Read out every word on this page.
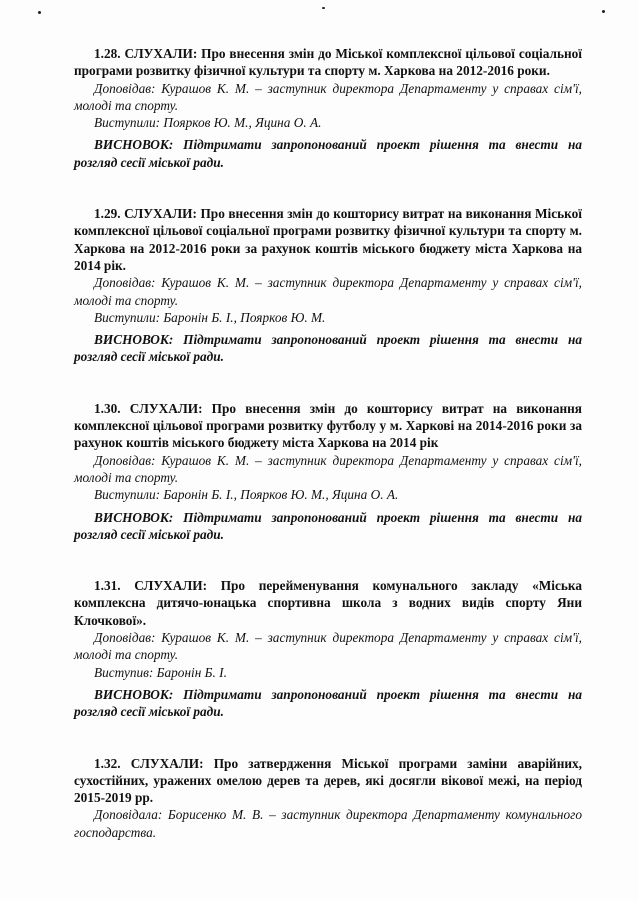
1.28. СЛУХАЛИ: Про внесення змін до Міської комплексної цільової соціальної програми розвитку фізичної культури та спорту м. Харкова на 2012-2016 роки.

Доповідав: Курашов К. М. – заступник директора Департаменту у справах сім'ї, молоді та спорту.

Виступили: Поярков Ю. М., Яцина О. А.

ВИСНОВОК: Підтримати запропонований проект рішення та внести на розгляд сесії міської ради.

1.29. СЛУХАЛИ: Про внесення змін до кошторису витрат на виконання Міської комплексної цільової соціальної програми розвитку фізичної культури та спорту м. Харкова на 2012-2016 роки за рахунок коштів міського бюджету міста Харкова на 2014 рік.

Доповідав: Курашов К. М. – заступник директора Департаменту у справах сім'ї, молоді та спорту.

Виступили: Баронін Б. І., Поярков Ю. М.

ВИСНОВОК: Підтримати запропонований проект рішення та внести на розгляд сесії міської ради.

1.30. СЛУХАЛИ: Про внесення змін до кошторису витрат на виконання комплексної цільової програми розвитку футболу у м. Харкові на 2014-2016 роки за рахунок коштів міського бюджету міста Харкова на 2014 рік

Доповідав: Курашов К. М. – заступник директора Департаменту у справах сім'ї, молоді та спорту.

Виступили: Баронін Б. І., Поярков Ю. М., Яцина О. А.

ВИСНОВОК: Підтримати запропонований проект рішення та внести на розгляд сесії міської ради.

1.31. СЛУХАЛИ: Про перейменування комунального закладу «Міська комплексна дитячо-юнацька спортивна школа з водних видів спорту Яни Клочкової».

Доповідав: Курашов К. М. – заступник директора Департаменту у справах сім'ї, молоді та спорту.

Виступив: Баронін Б. І.

ВИСНОВОК: Підтримати запропонований проект рішення та внести на розгляд сесії міської ради.

1.32. СЛУХАЛИ: Про затвердження Міської програми заміни аварійних, сухостійних, уражених омелою дерев та дерев, які досягли вікової межі, на період 2015-2019 рр.

Доповідала: Борисенко М. В. – заступник директора Департаменту комунального господарства.
